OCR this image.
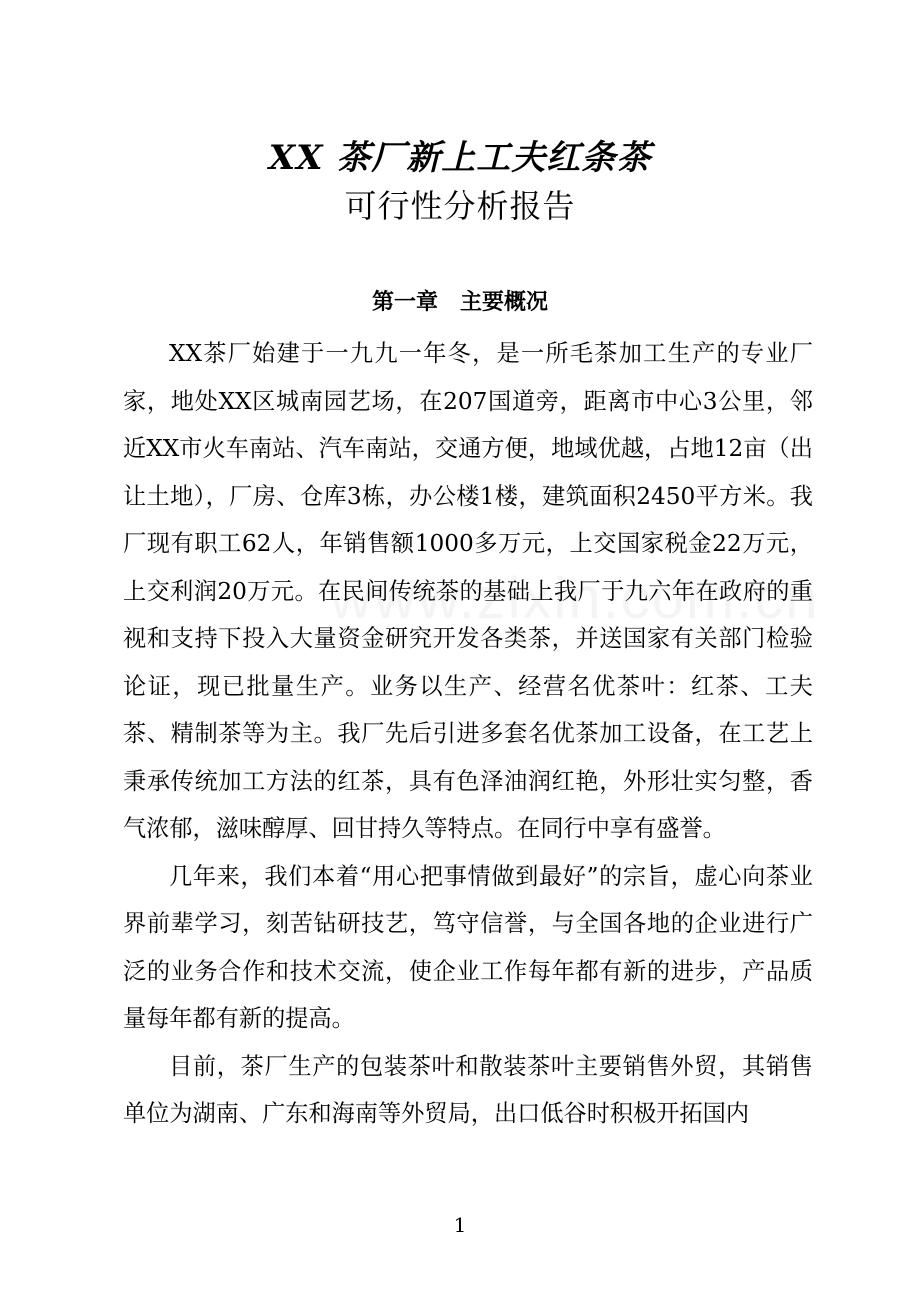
XX 茶厂新上工夫红条茶
可行性分析报告
第一章　主要概况

XX茶厂始建于一九九一年冬，是一所毛茶加工生产的专业厂家，地处XX区城南园艺场，在207国道旁，距离市中心3公里，邻近XX市火车南站、汽车南站，交通方便，地域优越，占地12亩（出让土地），厂房、仓库3栋，办公楼1楼，建筑面积2450平方米。我厂现有职工62人，年销售额1000多万元，上交国家税金22万元，上交利润20万元。在民间传统茶的基础上我厂于九六年在政府的重视和支持下投入大量资金研究开发各类茶，并送国家有关部门检验论证，现已批量生产。业务以生产、经营名优茶叶：红茶、工夫茶、精制茶等为主。我厂先后引进多套名优茶加工设备，在工艺上秉承传统加工方法的红茶，具有色泽油润红艳，外形壮实匀整，香气浓郁，滋味醇厚、回甘持久等特点。在同行中享有盛誉。

几年来，我们本着“用心把事情做到最好”的宗旨，虚心向茶业界前辈学习，刻苦钻研技艺，笃守信誉，与全国各地的企业进行广泛的业务合作和技术交流，使企业工作每年都有新的进步，产品质量每年都有新的提高。

目前，茶厂生产的包装茶叶和散装茶叶主要销售外贸，其销售单位为湖南、广东和海南等外贸局，出口低谷时积极开拓国内

1
